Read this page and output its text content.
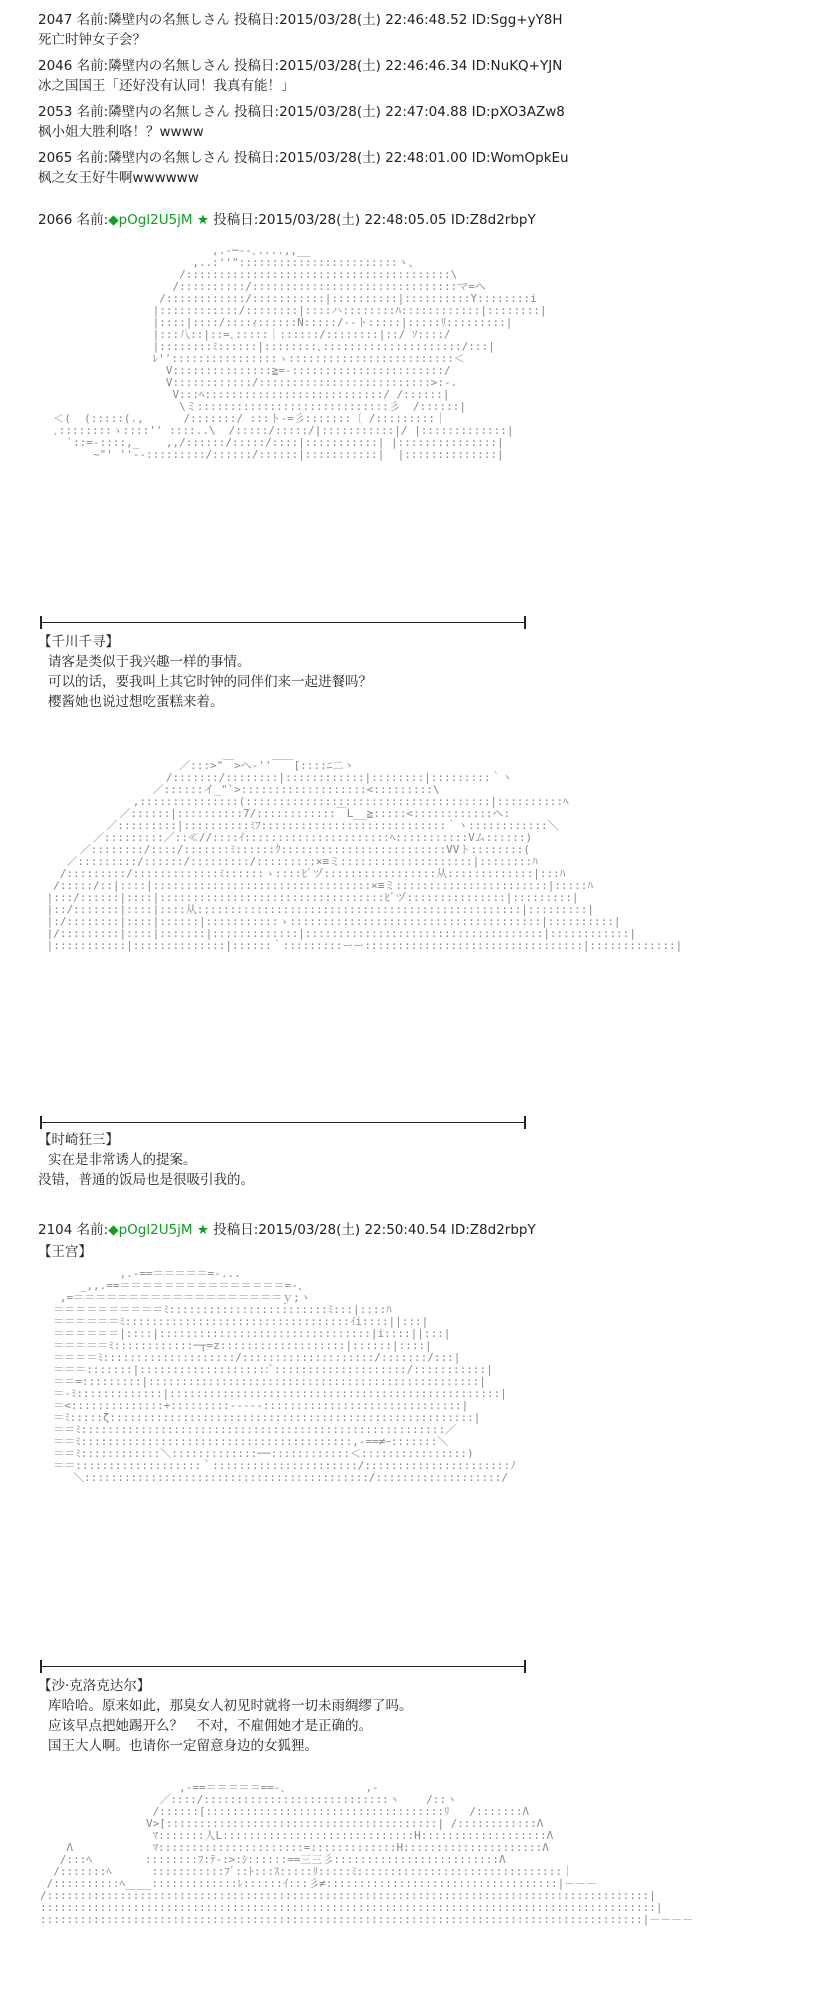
2047 名前:隣壁内の名無しさん 投稿日:2015/03/28(土) 22:46:48.52 ID:Sgg+yY8H
死亡时钟女子会？
2046 名前:隣壁内の名無しさん 投稿日:2015/03/28(土) 22:46:46.34 ID:NuKQ+YJN
冰之国国王「还好没有认同！我真有能！」
2053 名前:隣壁内の名無しさん 投稿日:2015/03/28(土) 22:47:04.88 ID:pXO3AZw8
枫小姐大胜利咯！？wwww
2065 名前:隣壁内の名無しさん 投稿日:2015/03/28(土) 22:48:01.00 ID:WomOpkEu
枫之女王好牛啊wwwwww
2066 名前:◆pOgl2U5jM ★ 投稿日:2015/03/28(土) 22:48:05.05 ID:Z8d2rbpY
,.-─‐-､....,,__
,..:''"::::::::::::::::::::::::ヽ、
/::::::::::::::::::::::::::::::::::::::::\
/::::::::::/:::::::::::::::::::::::::::::::マ=ヘ
/::::::::::::/:::::::::::|::::::::::|::::::::::Y::::::::i
|::::::::::::/::::::::|::::ハ::::::::ﾊ::::::::::::|::::::::|
|::::|::::/::::ｨ::::::N:::::/-‐ト:::::|:::::ﾘ:::::::::|
|:::八::|::=､:::::｜::::::/::::::::|::/ ｿ::::/
|::::::::ﾐ::::::|::::::::､:::::::::::::::::::::/:::|
ﾚ''::::::::::::::::ゝ:::::::::::::::::::::::::＜
V:::::::::::::::≧=-:::::::::::::::::::::::/
V::::::::::::/::::::::::::::::::::::::::>:-.
V:::ﾍ:::::::::::::::::::::::::::/ /::::::|
\ミ:::::::::::::::::::::::::::::彡  /::::::|
＜(  (:::::(.,      /:::::::/ :::ト-=彡:::::::〔 /:::::::::｜
､::::::::ゝ::::'' ::::..\  /:::::/:::::/|:::::::::::|/ |:::::::::::::|
`::=-::::,_    ,,/::::::/:::::/::::|:::::::::::| |:::::::::::::::|
~"' ''‐-:::::::::/::::::/::::::|:::::::::::|  |::::::::::::::|
【千川千寻】
请客是类似于我兴趣一样的事情。
可以的话，要我叫上其它时钟的同伴们来一起进餐吗？
樱酱她也说过想吃蛋糕来着。
／:::>"￣>へ-''￣￣[::::ﾆ二ヽ
/:::::::/::::::::|::::::::::::|::::::::|:::::::::｀ヽ
／::::::イ_"`>:::::::::::::::::::<:::::::::\
,:::::::::::::::(:::::::::::::::::::::::::::::::::::::|::::::::::ﾍ
／::::::|::::::::::7/::::::::::::￣L__≧:::::<::::::::::::ヘ:
／:::::::::|::::::::::ﾐﾌ::::::::::::::::::::::::::::｀ヽ::::::::::::＼
／:::::::::／::≪//::::ｲ::::::::::::::::::::::ﾍ:::::::::::Vム::::::)
／::::::::/::::/:::::::ﾐ::::::ｸ:::::::::::::::::::::::::VVト::::::::(
／:::::::::/::::::/:::::::::/:::::::::×≡ミ::::::::::::::::::::|::::::::ﾊ
/:::::::::/:::::::::::::ﾐ::::::ゝ::::ﾋﾞヅ:::::::::::::::::从:::::::::::::|:::ﾊ
/:::::/::|::::|:::::::::::::::::::::::::::::::::×≡ミ:::::::::::::::::::::::|:::::ﾊ
|:::/::::::|::::|::::::::::::::::::::::::::::::::::ﾋﾞヅ:::::::::::::::|:::::::::|
|::/:::::::|::::|::::从:::::::::::::::::::::::::::::::::::::::::::::::::|:::::::::|
|:/::::::::|::::|::::::|:::::::::::ゝ::::::::::::::::::::::::::::::::::::::|::::::::::|
|/:::::::::|::::|:::::::|:::::::::::::|::::::::::::::::::::::::::::::::::::|::::::::::::|
|:::::::::::|::::::::::::::|::::::｀:::::::::ーー:::::::::::::::::::::::::::::::::|:::::::::::::|
【时崎狂三】
实在是非常诱人的提案。
没错，普通的饭局也是很吸引我的。
2104 名前:◆pOgl2U5jM ★ 投稿日:2015/03/28(土) 22:50:40.54 ID:Z8d2rbpY
【王宫】
,.-==＝＝＝＝＝=-...
_,,.==＝＝＝＝＝＝＝＝＝＝＝＝＝＝＝=-、
,=＝＝＝＝＝＝＝＝＝＝＝＝＝＝＝＝＝＝＝ｙ;ヽ
＝＝＝＝＝＝＝＝＝＝ﾐ::::::::::::::::::::::::ﾐ:::|::::ﾊ
＝＝＝＝＝＝ﾐ::::::::::::::::::::::::::::::::::ｲi::::||:::|
＝＝＝＝＝＝|::::|::::::::::::::::::::::::::::::::|i::::||:::|
＝＝＝＝＝ﾐ::::::::::::─┬=z:::::::::::::::::::|::::::|::::|
＝＝＝＝ﾐ::::::::::::::::::::/::::::::::::::::::::/:::::::/:::|
＝＝＝:::::::|::::::::::::::::::::ﾞ::::::::::::::::::::/:::::::::::|
＝＝=:::::::::|::::::::::::::::::::::::::::::::::::::::::::::::::|
＝-ﾐ:::::::::::::|::::::::::::::::::::::::::::::::::::::::::::::::::|
＝<::::::::::::::+:::::::::-----::::::::::::::::::::::::::::::|
＝ﾐ:::::ζ:::::::::::::::::::::::::::::::::::::::::::::::::::::::|
＝＝ﾐ:::::::::::::::::::::::::::::::::::::::::::::::::::::::／
＝＝ﾐ:::::::::::::::::::::::::::::::::::::::::,-==≠ｰ:::::::＼
＝＝ﾐ::::::::::::＼:::::::::::::──::::::::::::＜::::::::::::::::)
＝＝:::::::::::::::::::｀::::::::::::::::::::::/::::::::::::::::::::::ﾉ
＼:::::::::::::::::::::::::::::::::::::::::::/:::::::::::::::::::/
【沙·克洛克达尔】
库哈哈。原来如此，那臭女人初见时就将一切未雨绸缪了吗。
应该早点把她踢开么？　不对，不雇佣她才是正确的。
国王大人啊。也请你一定留意身边的女狐狸。
,-==＝＝＝＝＝==-､            ,-
／::::/::::::::::::::::::::::::::::ヽ    /::ヽ
/::::::[::::::::::::::::::::::::::::::::::::ﾘ   /:::::::Λ
V>[:::::::::::::::::::::::::::::::::::::::::| /::::::::::::Λ
ﾏ:::::::人L:::::::::::::::::::::::::::::H:::::::::::::::::::Λ
Λ            ﾏ::::::::::::::::::::::=:::::::::::::H:::::::::::::::::::::Λ
/:::ﾍ        ::::::::ﾌ:ﾃ-:>:ｼ::::::==三三彡:::::::::::::::::::::::::Λ
/:::::::ﾍ      :::::::::::ﾌﾞ::ﾄ:::ｽ:::::ﾘ:::::ﾐ:::::::::::::::::::::::::::::::｜
/::::::::::ﾍ____:::::::::::::ﾚ::::::ｲ:::彡≠:::::::::::::::::::::::::::::::::::|－－－
/:::::::::::::::::::::::::::::::::::::::::::::::::::::::::::::::::::::::::::::::::::::::::::|
:::::::::::::::::::::::::::::::::::::::::::::::::::::::::::::::::::::::::::::::::::::::::::::|
:::::::::::::::::::::::::::::::::::::::::::::::::::::::::::::::::::::::::::::::::::::::::::|－－－－
